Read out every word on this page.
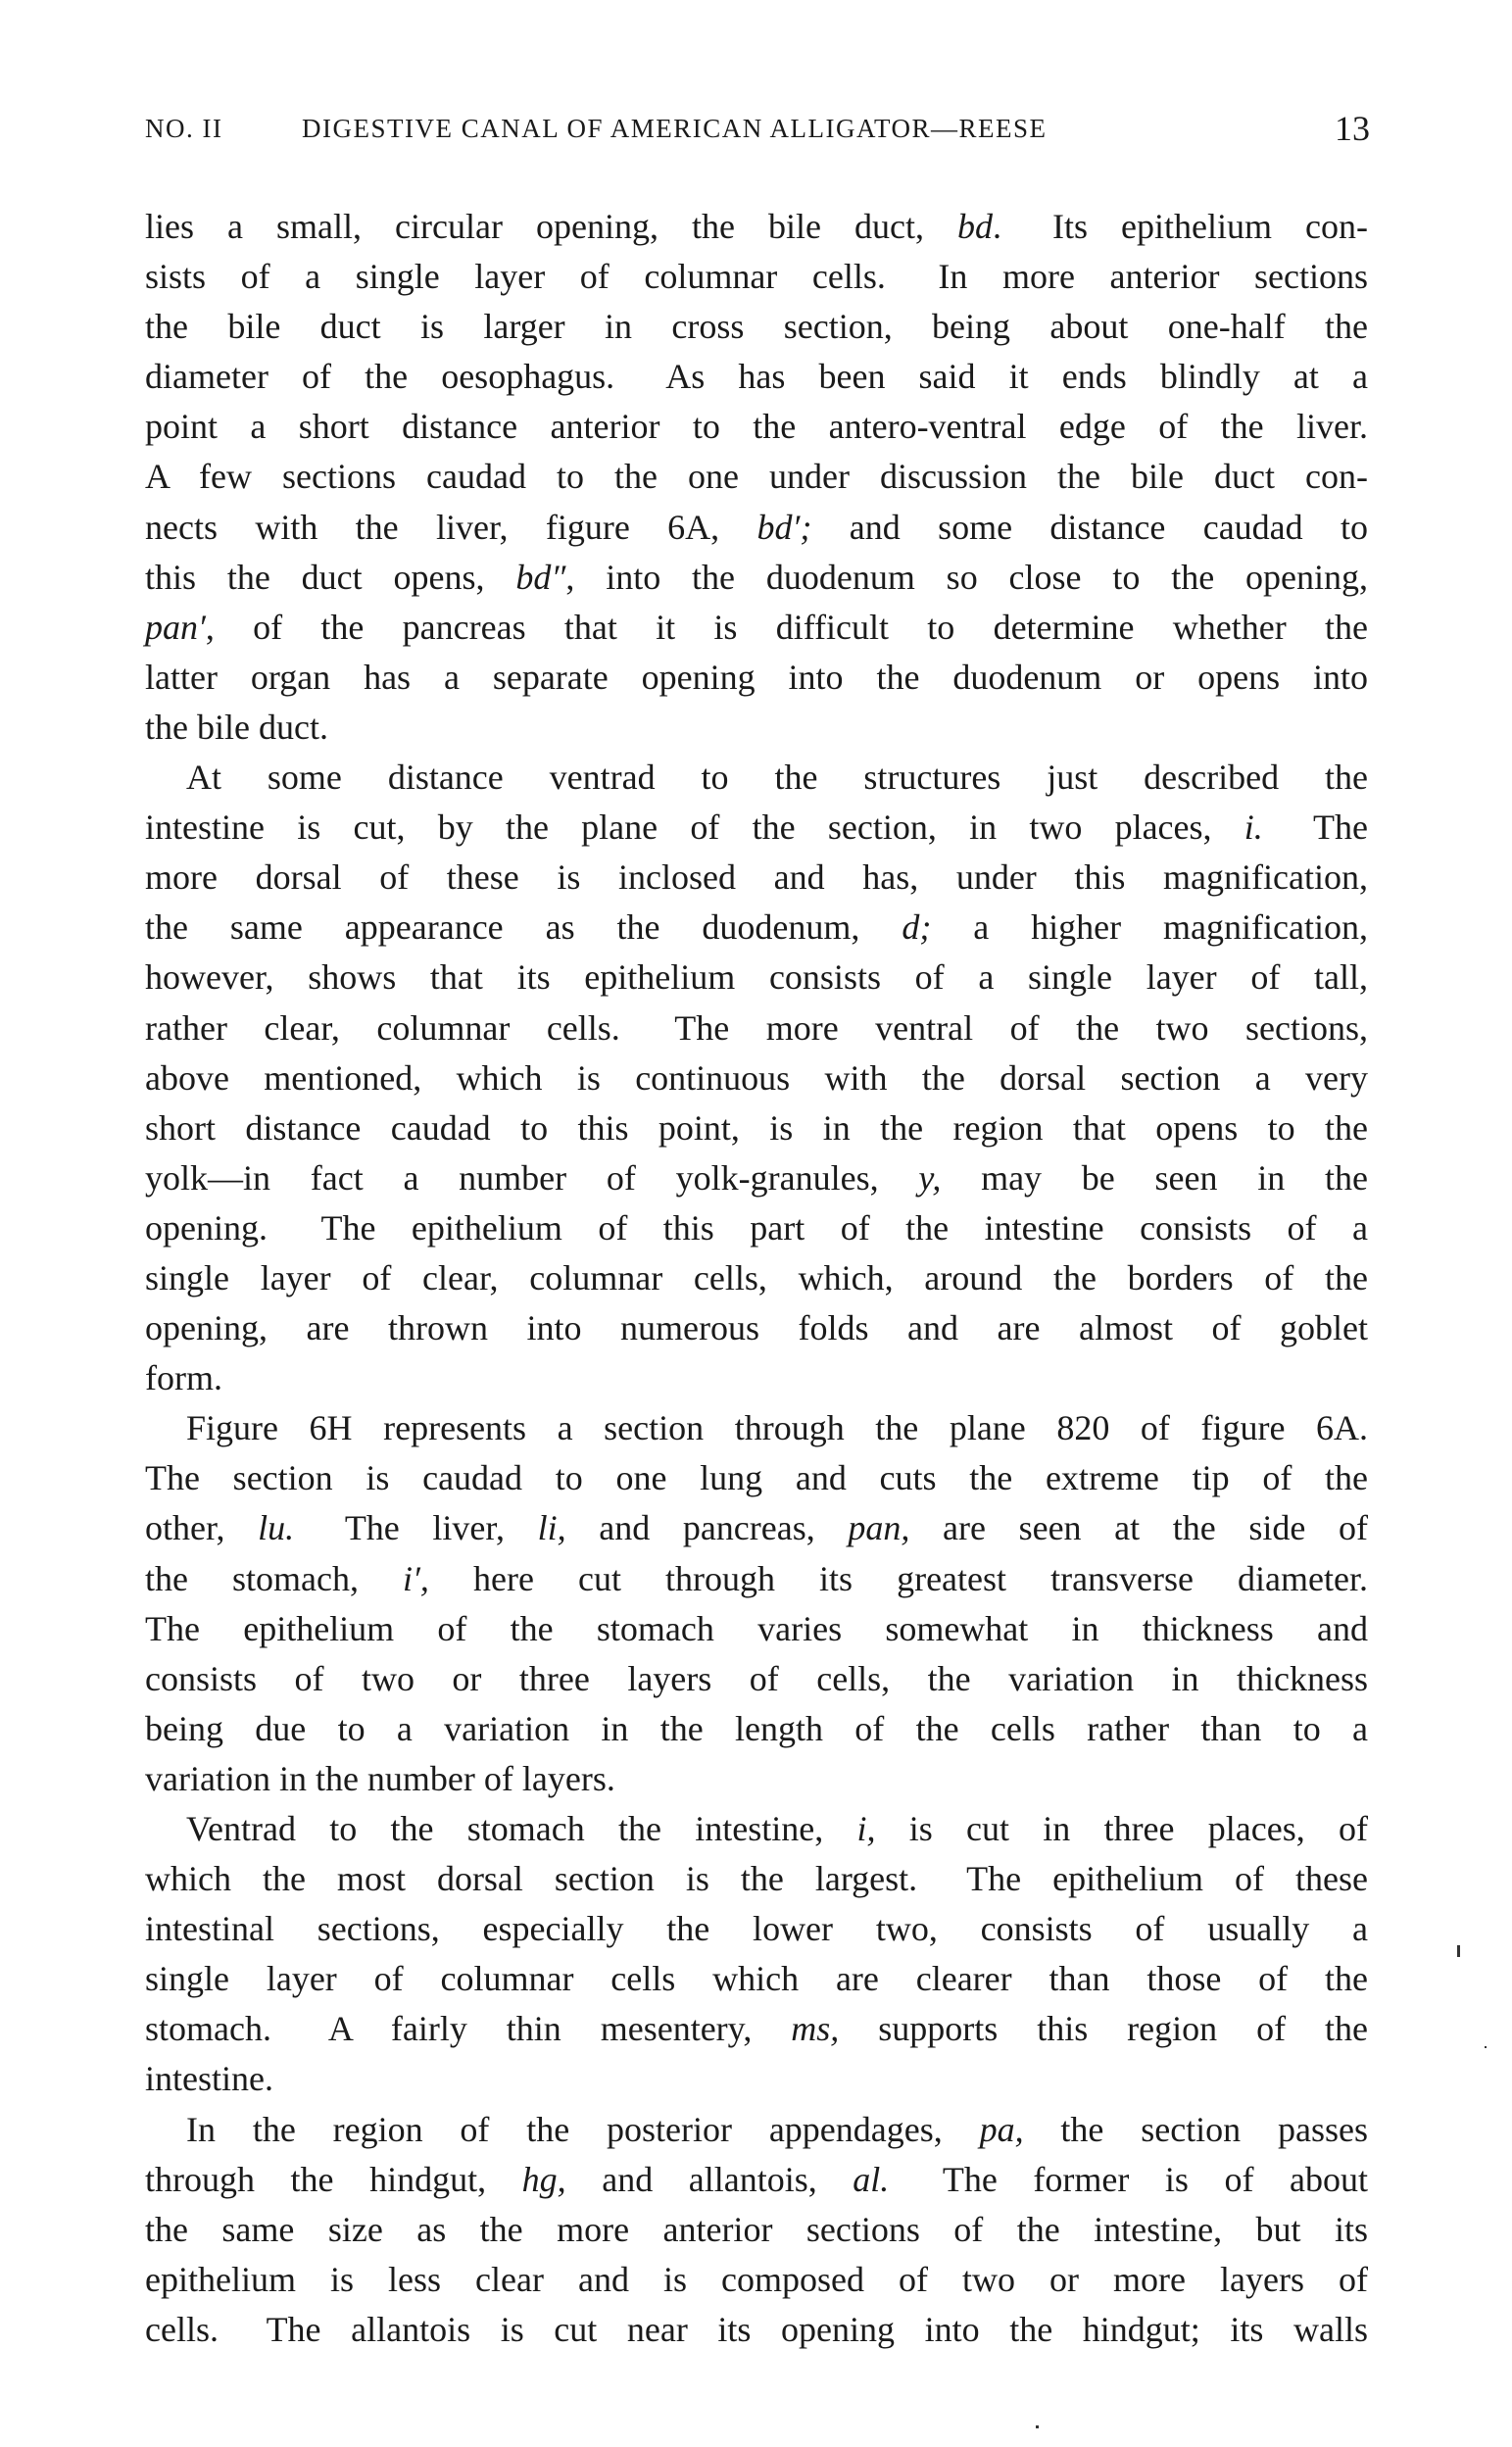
NO. II	DIGESTIVE CANAL OF AMERICAN ALLIGATOR—REESE	13
lies a small, circular opening, the bile duct, bd.  Its epithelium con-
sists of a single layer of columnar cells.  In more anterior sections
the bile duct is larger in cross section, being about one-half the
diameter of the oesophagus.  As has been said it ends blindly at a
point a short distance anterior to the antero-ventral edge of the liver.
A few sections caudad to the one under discussion the bile duct con-
nects with the liver, figure 6A, bd′; and some distance caudad to
this the duct opens, bd″, into the duodenum so close to the opening,
pan′, of the pancreas that it is difficult to determine whether the
latter organ has a separate opening into the duodenum or opens into
the bile duct.
At some distance ventrad to the structures just described the
intestine is cut, by the plane of the section, in two places, i.  The
more dorsal of these is inclosed and has, under this magnification,
the same appearance as the duodenum, d; a higher magnification,
however, shows that its epithelium consists of a single layer of tall,
rather clear, columnar cells.  The more ventral of the two sections,
above mentioned, which is continuous with the dorsal section a very
short distance caudad to this point, is in the region that opens to the
yolk—in fact a number of yolk-granules, y, may be seen in the
opening.  The epithelium of this part of the intestine consists of a
single layer of clear, columnar cells, which, around the borders of the
opening, are thrown into numerous folds and are almost of goblet
form.
Figure 6H represents a section through the plane 820 of figure 6A.
The section is caudad to one lung and cuts the extreme tip of the
other, lu.  The liver, li, and pancreas, pan, are seen at the side of
the stomach, i′, here cut through its greatest transverse diameter.
The epithelium of the stomach varies somewhat in thickness and
consists of two or three layers of cells, the variation in thickness
being due to a variation in the length of the cells rather than to a
variation in the number of layers.
Ventrad to the stomach the intestine, i, is cut in three places, of
which the most dorsal section is the largest.  The epithelium of these
intestinal sections, especially the lower two, consists of usually a
single layer of columnar cells which are clearer than those of the
stomach.  A fairly thin mesentery, ms, supports this region of the
intestine.
In the region of the posterior appendages, pa, the section passes
through the hindgut, hg, and allantois, al.  The former is of about
the same size as the more anterior sections of the intestine, but its
epithelium is less clear and is composed of two or more layers of
cells.  The allantois is cut near its opening into the hindgut; its walls
